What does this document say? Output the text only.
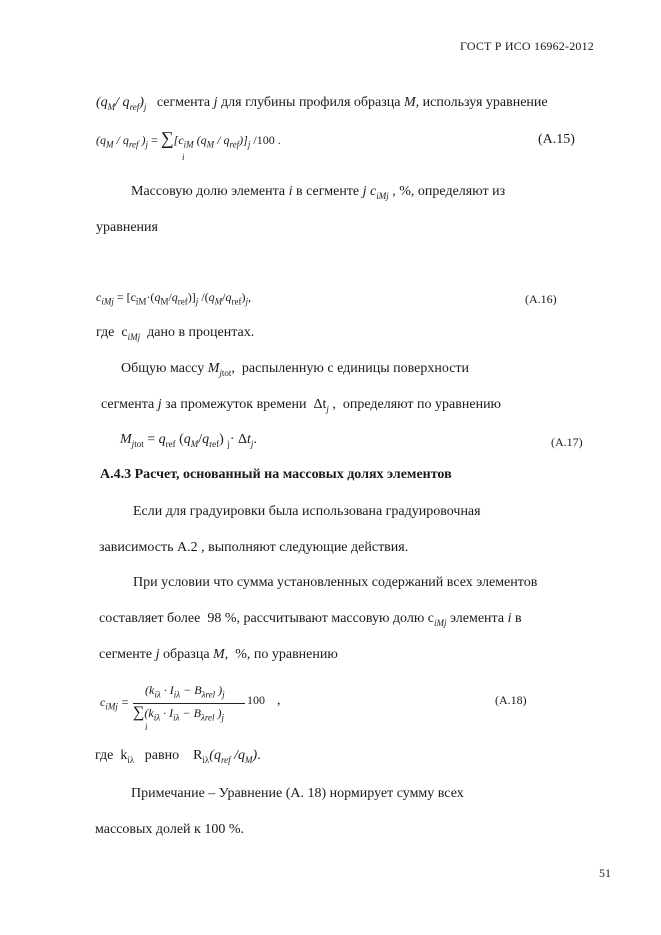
ГОСТ Р ИСО 16962-2012
($q_M/$ $q_{ref})_j$ сегмента j для глубины профиля образца M, используя уравнение
($q_M / q_{ref}$ )$_j = \sum[c_{iM}$ $(q_M / q_{ref})]_j$ /100 .
i
(А.15)
Массовую долю элемента i в сегменте j $c_{iMj}$ , %, определяют из
уравнения
$c_{iMj} = [c_{iM}\cdot(q_M/q_{ref})]_j$ $/(q_M/q_{ref})_j$,	(А.16)
где  $c_{iMj}$  дано в процентах.
Общую массу $M_{jtot}$,  распыленную с единицы поверхности
сегмента j за промежуток времени  $\Delta t_j$ ,  определяют по уравнению
$M_{jtot} = q_{ref}$ $(q_M/q_{ref})$ $_j\cdot \Delta t_j$.	(А.17)
А.4.3 Расчет, основанный на массовых долях элементов
Если для градуировки была использована градуировочная
зависимость А.2 , выполняют следующие действия.
При условии что сумма установленных содержаний всех элементов
составляет более  98 %, рассчитывают массовую долю $c_{iMj}$ элемента i в
сегменте j образца M,  %, по уравнению
$c_{iMj}$ =
($k_{i\lambda} \cdot I_{i\lambda} - B_{\lambda rel}$ )$_j$
$\sum(k_{i\lambda} \cdot I_{i\lambda} - B_{\lambda rel}$ )$_j$
i
100 ,	(А.18)
где  $k_{i\lambda}$   равно    $R_{i\lambda}(q_{ref}$ $/q_M$).
Примечание – Уравнение (А. 18) нормирует сумму всех
массовых долей к 100 %.
51
